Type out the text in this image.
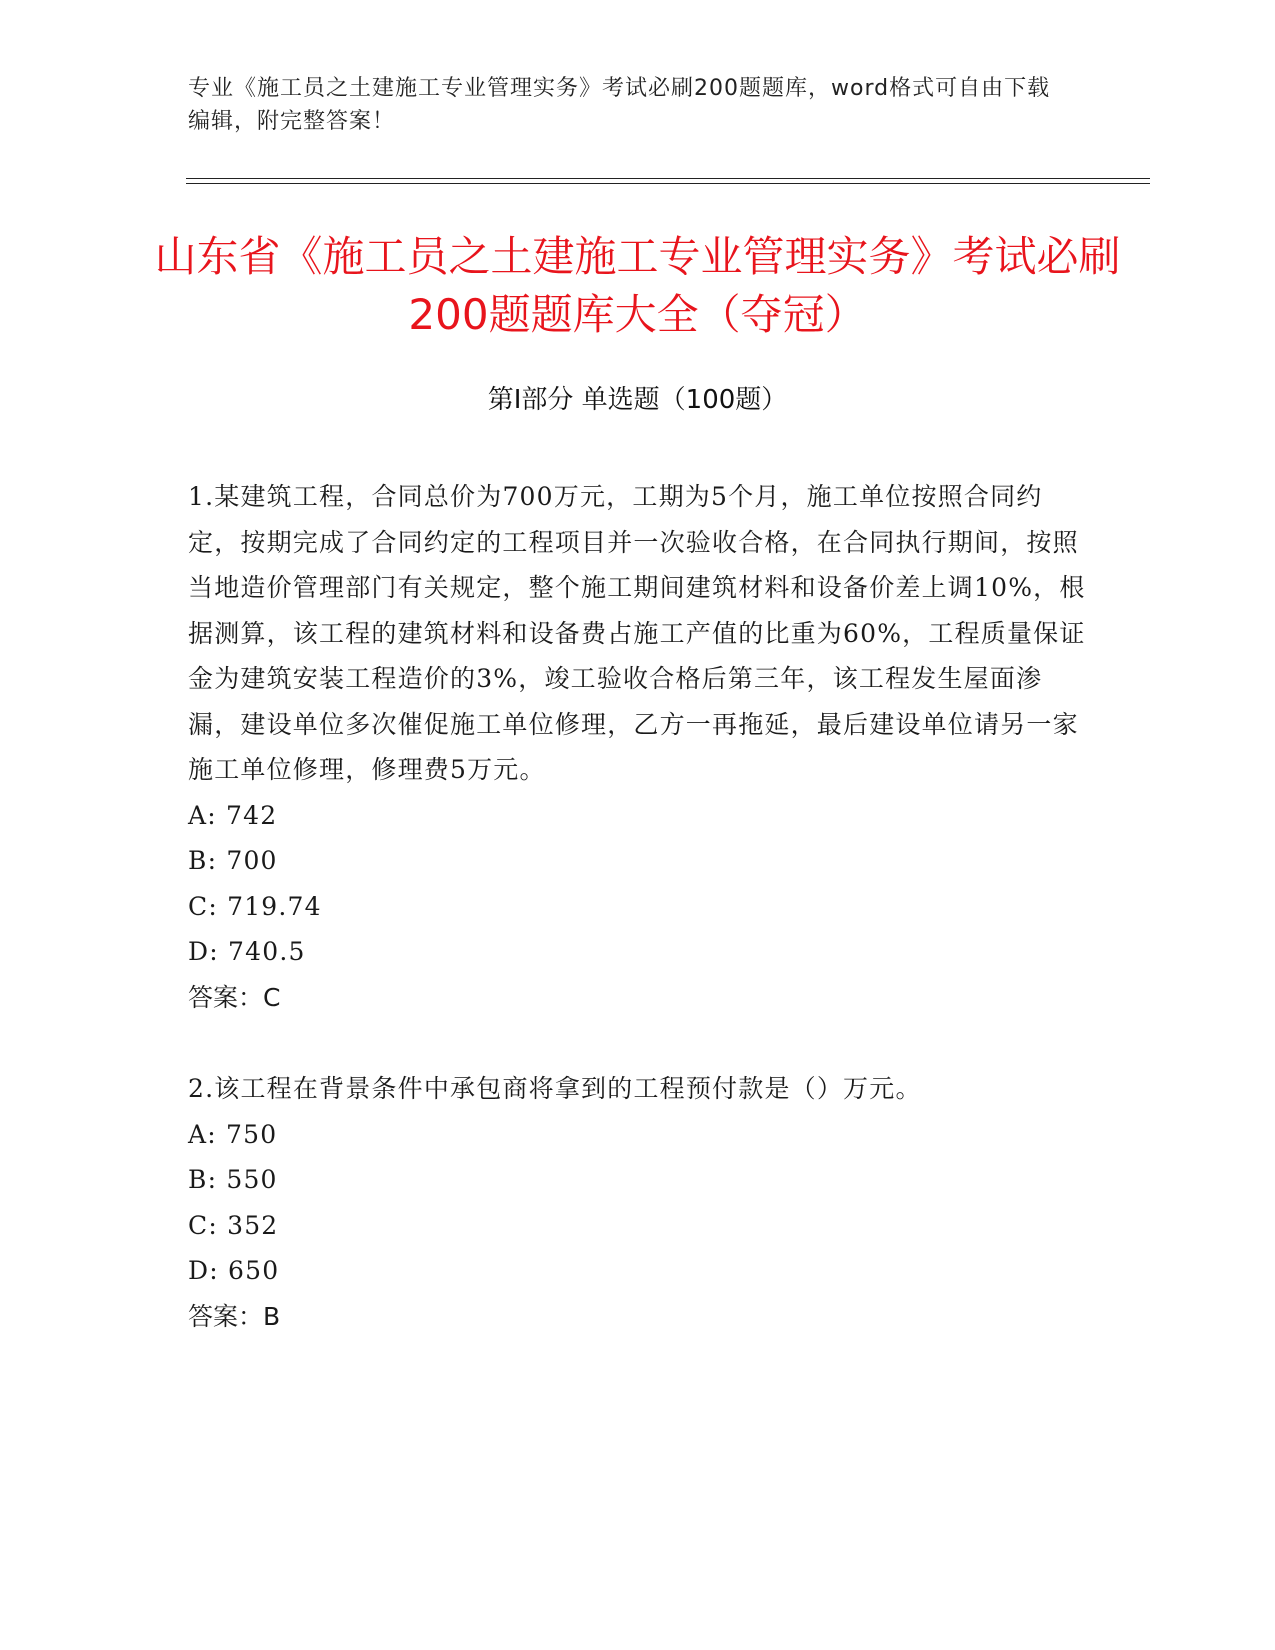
专业《施工员之土建施工专业管理实务》考试必刷200题题库，word格式可自由下载编辑，附完整答案！
山东省《施工员之土建施工专业管理实务》考试必刷200题题库大全（夺冠）
第Ⅰ部分 单选题（100题）

1.某建筑工程，合同总价为700万元，工期为5个月，施工单位按照合同约定，按期完成了合同约定的工程项目并一次验收合格，在合同执行期间，按照当地造价管理部门有关规定，整个施工期间建筑材料和设备价差上调10%，根据测算，该工程的建筑材料和设备费占施工产值的比重为60%，工程质量保证金为建筑安装工程造价的3%，竣工验收合格后第三年，该工程发生屋面渗漏，建设单位多次催促施工单位修理，乙方一再拖延，最后建设单位请另一家施工单位修理，修理费5万元。

A: 742

B: 700

C: 719.74

D: 740.5

答案：C

2.该工程在背景条件中承包商将拿到的工程预付款是（）万元。

A: 750

B: 550

C: 352

D: 650

答案：B
